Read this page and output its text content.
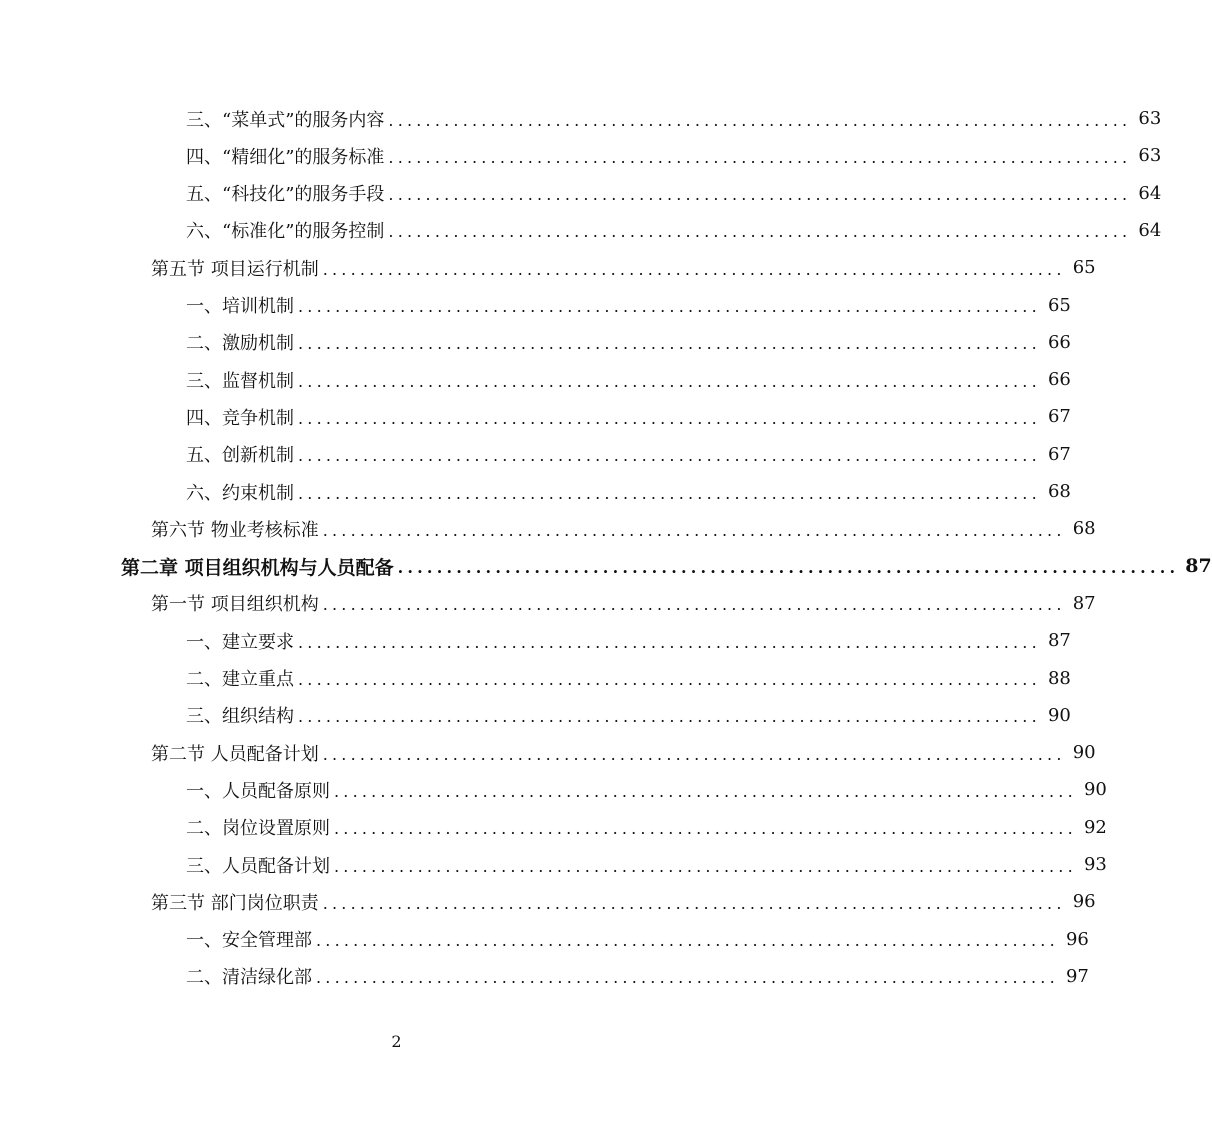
三、“菜单式”的服务内容 ................................................................................ 63
四、“精细化”的服务标准 ................................................................................ 63
五、“科技化”的服务手段 ................................................................................ 64
六、“标准化”的服务控制 ................................................................................ 64
第五节 项目运行机制 ................................................................................ 65
一、培训机制 ................................................................................ 65
二、激励机制 ................................................................................ 66
三、监督机制 ................................................................................ 66
四、竞争机制 ................................................................................ 67
五、创新机制 ................................................................................ 67
六、约束机制 ................................................................................ 68
第六节 物业考核标准 ................................................................................ 68
第二章 项目组织机构与人员配备 ................................................................................ 87
第一节 项目组织机构 ................................................................................ 87
一、建立要求 ................................................................................ 87
二、建立重点 ................................................................................ 88
三、组织结构 ................................................................................ 90
第二节 人员配备计划 ................................................................................ 90
一、人员配备原则 ................................................................................ 90
二、岗位设置原则 ................................................................................ 92
三、人员配备计划 ................................................................................ 93
第三节 部门岗位职责 ................................................................................ 96
一、安全管理部 ................................................................................ 96
二、清洁绿化部 ................................................................................ 97
2
